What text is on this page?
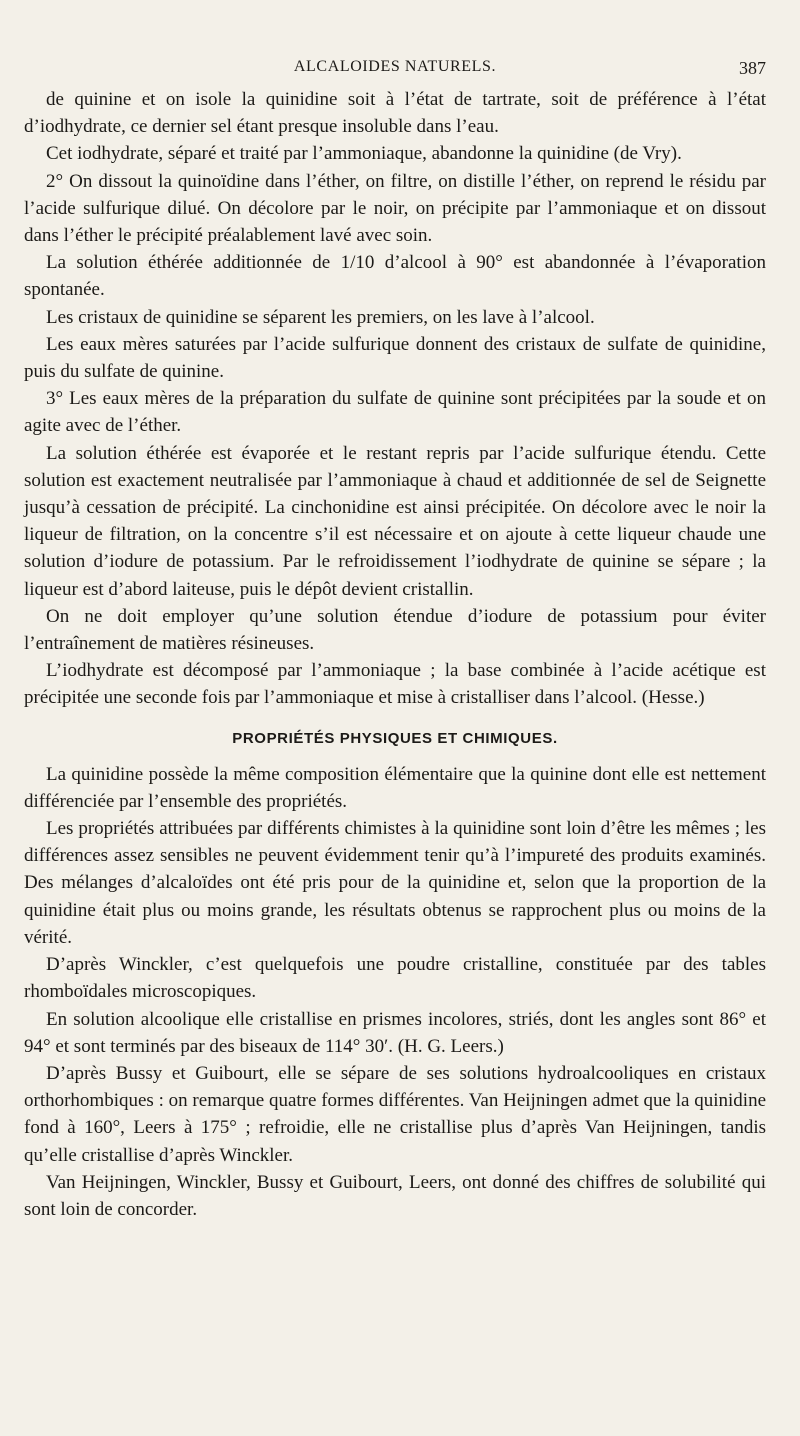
ALCALOIDES NATURELS.	387

de quinine et on isole la quinidine soit à l’état de tartrate, soit de préférence à l’état d’iodhydrate, ce dernier sel étant presque insoluble dans l’eau.

Cet iodhydrate, séparé et traité par l’ammoniaque, abandonne la quinidine (de Vry).

2° On dissout la quinoïdine dans l’éther, on filtre, on distille l’éther, on reprend le résidu par l’acide sulfurique dilué. On décolore par le noir, on précipite par l’ammoniaque et on dissout dans l’éther le précipité préalablement lavé avec soin.

La solution éthérée additionnée de 1/10 d’alcool à 90° est abandonnée à l’évaporation spontanée.

Les cristaux de quinidine se séparent les premiers, on les lave à l’alcool.

Les eaux mères saturées par l’acide sulfurique donnent des cristaux de sulfate de quinidine, puis du sulfate de quinine.

3° Les eaux mères de la préparation du sulfate de quinine sont précipitées par la soude et on agite avec de l’éther.

La solution éthérée est évaporée et le restant repris par l’acide sulfurique étendu. Cette solution est exactement neutralisée par l’ammoniaque à chaud et additionnée de sel de Seignette jusqu’à cessation de précipité. La cinchonidine est ainsi précipitée. On décolore avec le noir la liqueur de filtration, on la concentre s’il est nécessaire et on ajoute à cette liqueur chaude une solution d’iodure de potassium. Par le refroidissement l’iodhydrate de quinine se sépare ; la liqueur est d’abord laiteuse, puis le dépôt devient cristallin.

On ne doit employer qu’une solution étendue d’iodure de potassium pour éviter l’entraînement de matières résineuses.

L’iodhydrate est décomposé par l’ammoniaque ; la base combinée à l’acide acétique est précipitée une seconde fois par l’ammoniaque et mise à cristalliser dans l’alcool. (Hesse.)

PROPRIÉTÉS PHYSIQUES ET CHIMIQUES.

La quinidine possède la même composition élémentaire que la quinine dont elle est nettement différenciée par l’ensemble des propriétés.

Les propriétés attribuées par différents chimistes à la quinidine sont loin d’être les mêmes ; les différences assez sensibles ne peuvent évidemment tenir qu’à l’impureté des produits examinés. Des mélanges d’alcaloïdes ont été pris pour de la quinidine et, selon que la proportion de la quinidine était plus ou moins grande, les résultats obtenus se rapprochent plus ou moins de la vérité.

D’après Winckler, c’est quelquefois une poudre cristalline, constituée par des tables rhomboïdales microscopiques.

En solution alcoolique elle cristallise en prismes incolores, striés, dont les angles sont 86° et 94° et sont terminés par des biseaux de 114° 30′. (H. G. Leers.)

D’après Bussy et Guibourt, elle se sépare de ses solutions hydroalcooliques en cristaux orthorhombiques : on remarque quatre formes différentes. Van Heijningen admet que la quinidine fond à 160°, Leers à 175° ; refroidie, elle ne cristallise plus d’après Van Heijningen, tandis qu’elle cristallise d’après Winckler.

Van Heijningen, Winckler, Bussy et Guibourt, Leers, ont donné des chiffres de solubilité qui sont loin de concorder.
